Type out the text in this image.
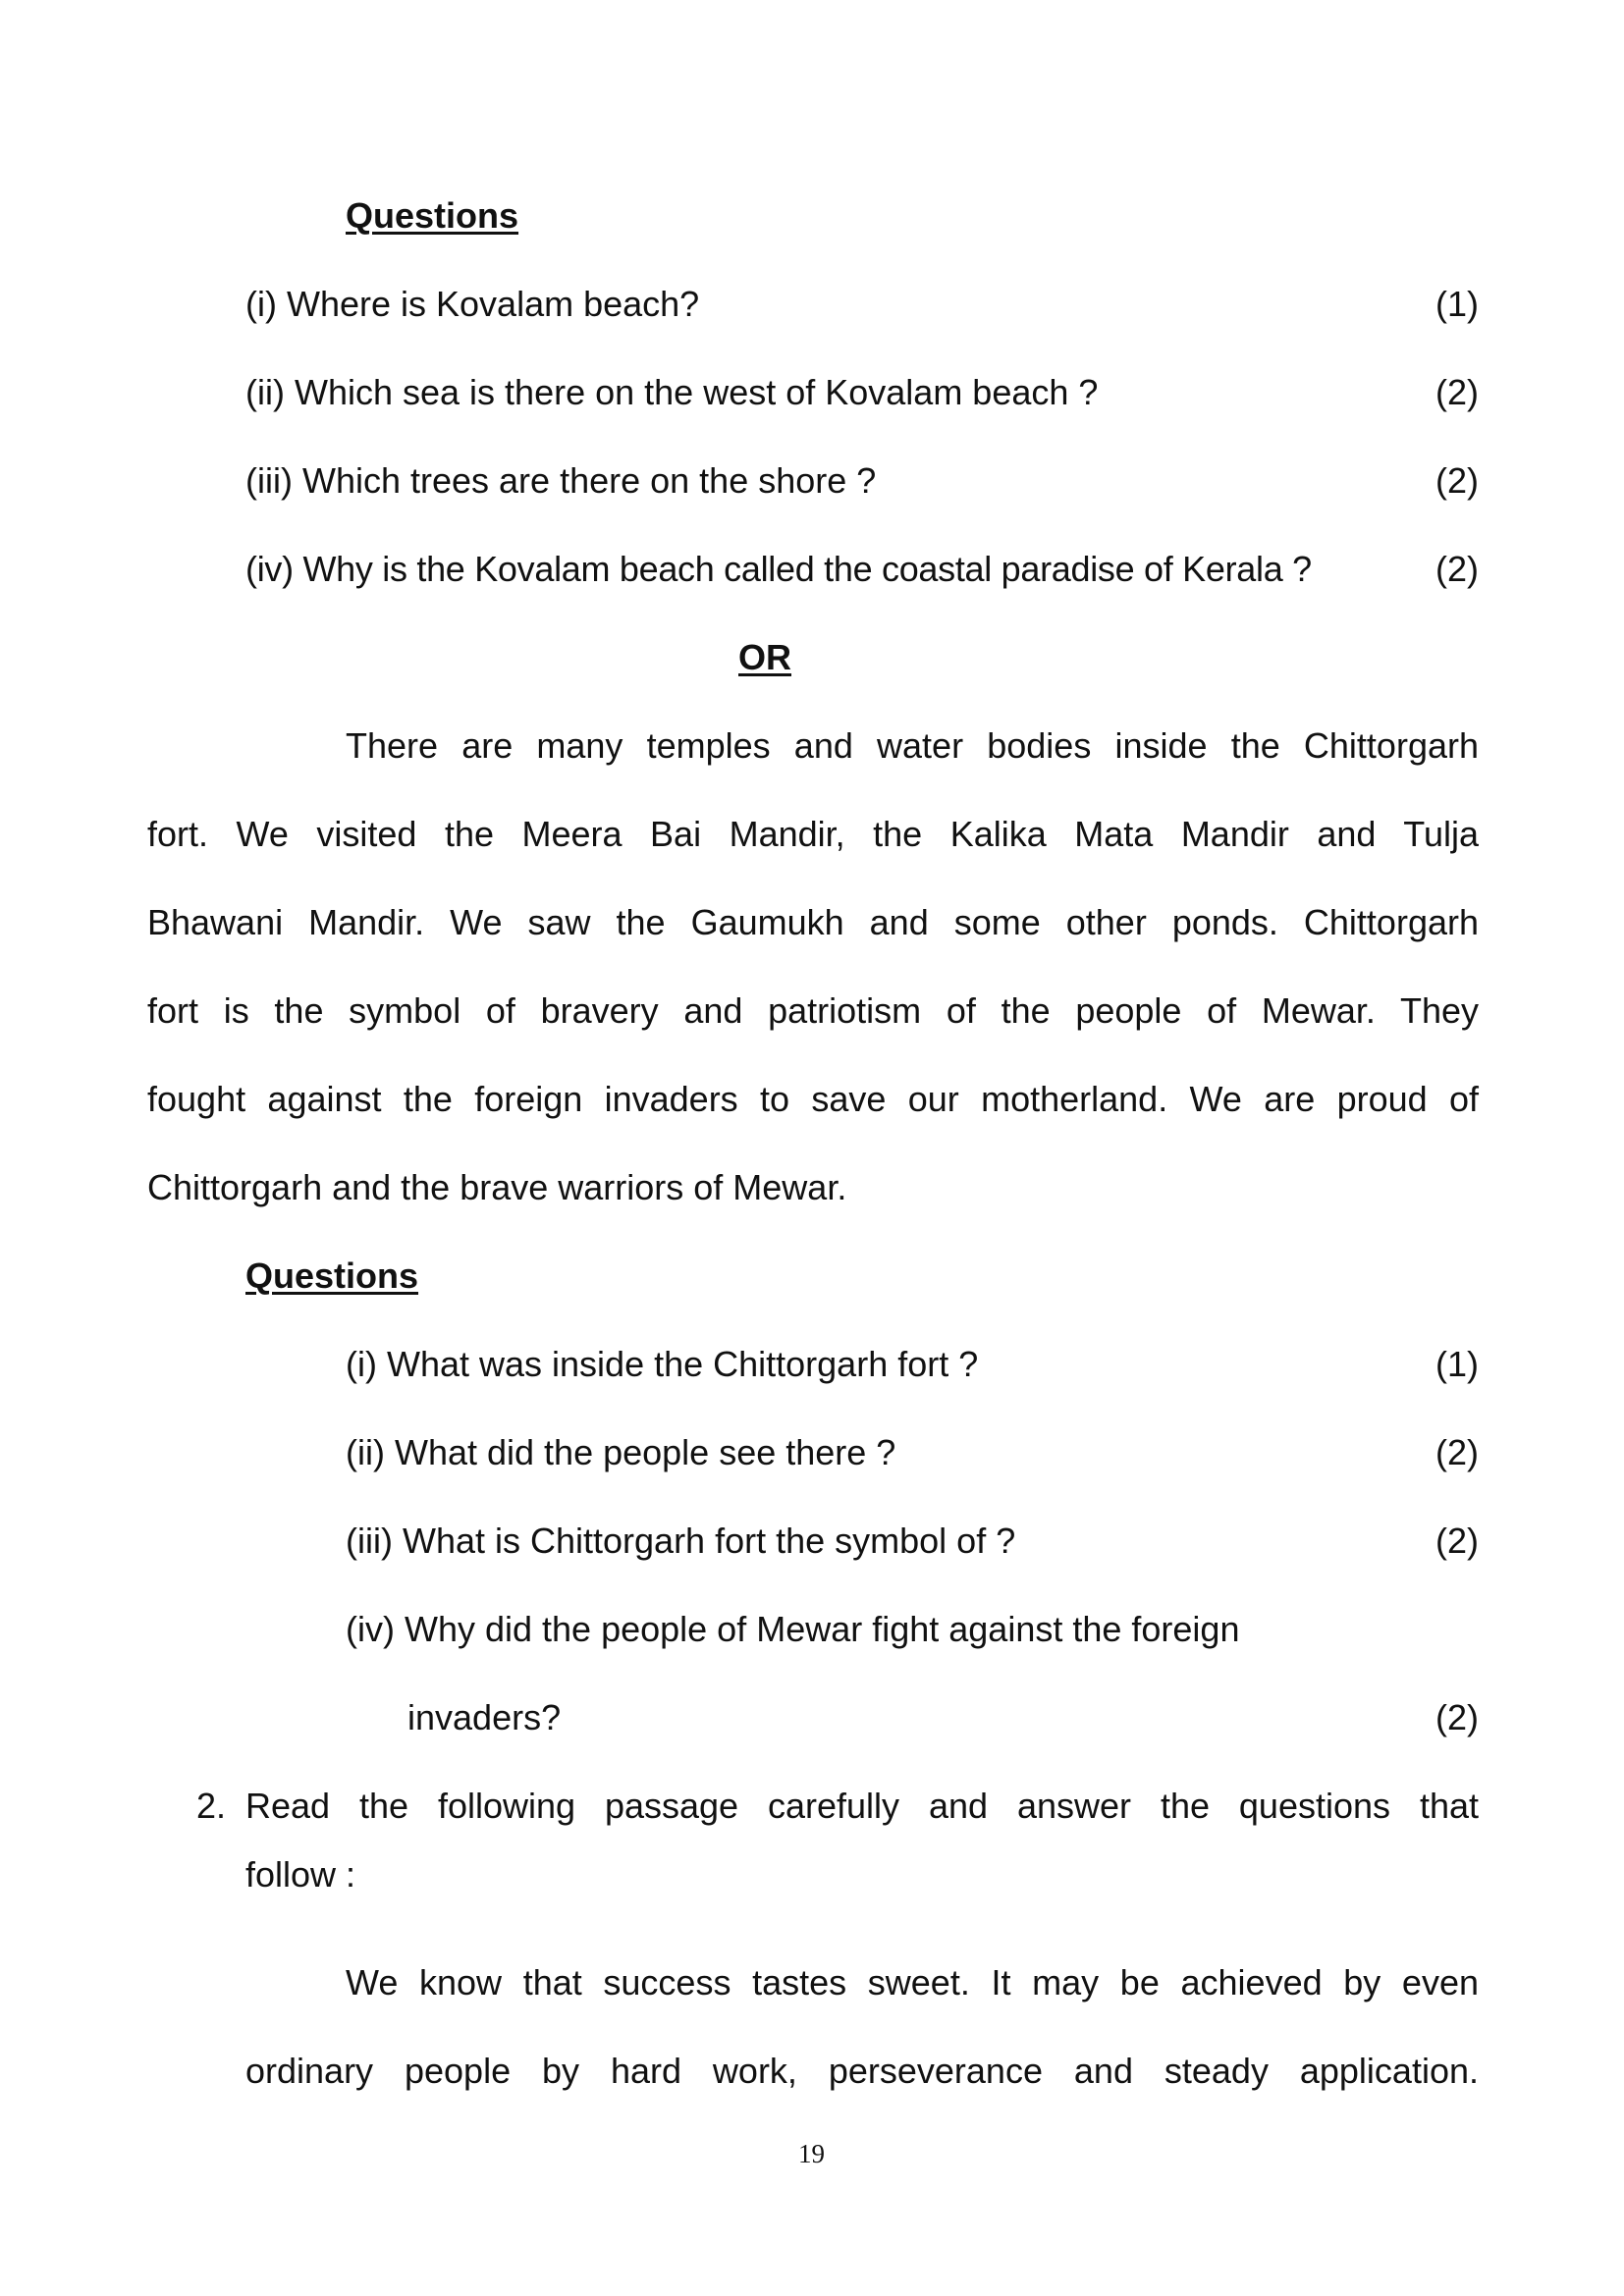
Questions
(i) Where is Kovalam beach?	(1)
(ii) Which sea is there on the west of Kovalam beach ?	(2)
(iii) Which trees are there on the shore ?	(2)
(iv) Why is the Kovalam beach called the coastal paradise of Kerala ?	(2)
OR
There are many temples and water bodies inside the Chittorgarh
fort. We visited the Meera Bai Mandir, the Kalika Mata Mandir and Tulja
Bhawani Mandir. We saw the Gaumukh and some other ponds. Chittorgarh
fort is the symbol of bravery and patriotism of the people of Mewar. They
fought against the foreign invaders to save our motherland. We are proud of
Chittorgarh and the brave warriors of Mewar.
Questions
(i) What was inside the Chittorgarh fort ?	(1)
(ii) What did the people see there ?	(2)
(iii) What is Chittorgarh fort the symbol of ?	(2)
(iv) Why did the people of Mewar fight against the foreign
invaders?	(2)
2. Read the following passage carefully and answer the questions that
follow :
We know that success tastes sweet. It may be achieved by even
ordinary people by hard work, perseverance and steady application.
19
